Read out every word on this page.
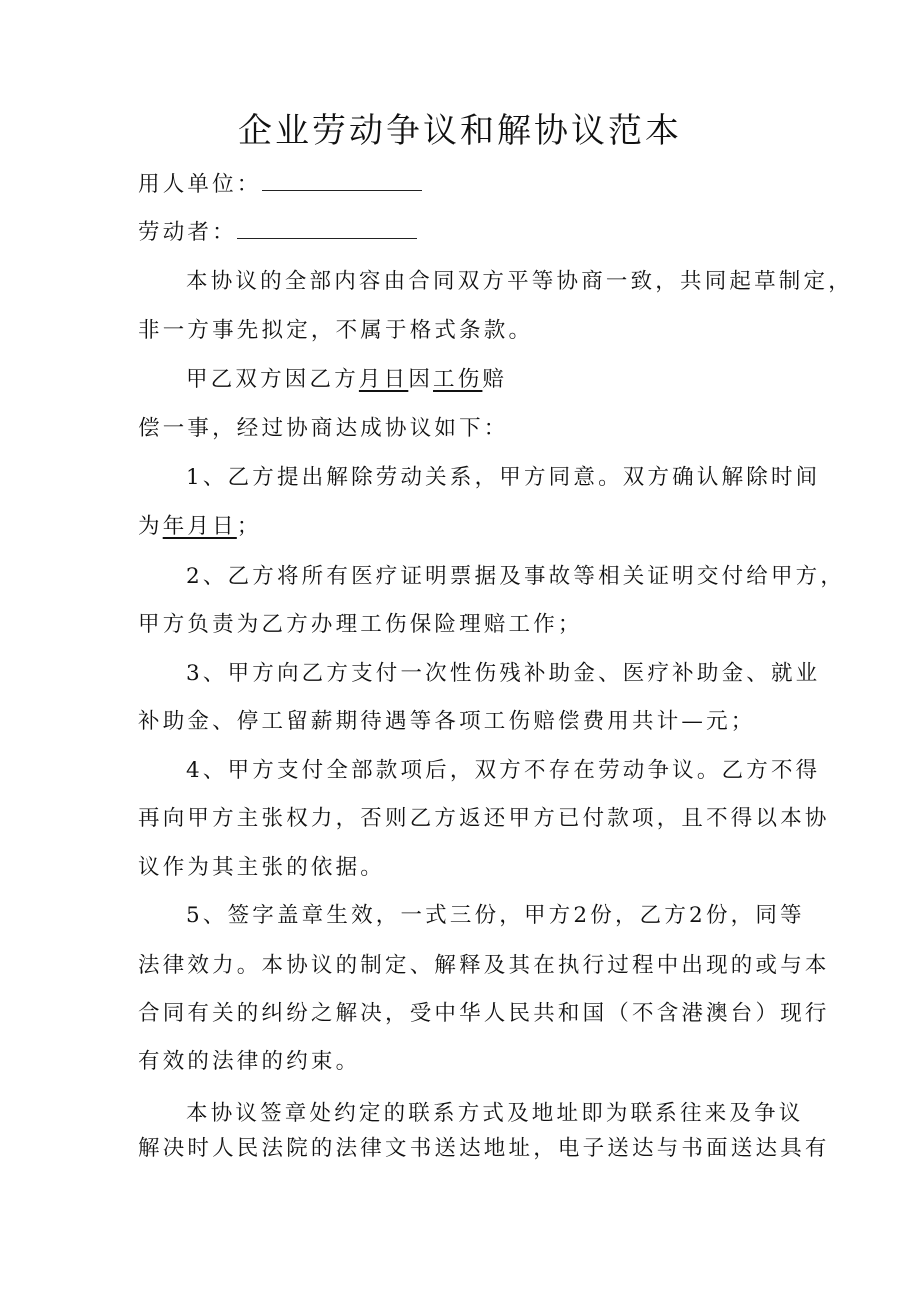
企业劳动争议和解协议范本
用人单位：
劳动者：
本协议的全部内容由合同双方平等协商一致，共同起草制定，
非一方事先拟定，不属于格式条款。
甲乙双方因乙方月日因工伤赔
偿一事，经过协商达成协议如下：
1、乙方提出解除劳动关系，甲方同意。双方确认解除时间
为年月日；
2、乙方将所有医疗证明票据及事故等相关证明交付给甲方，
甲方负责为乙方办理工伤保险理赔工作；
3、甲方向乙方支付一次性伤残补助金、医疗补助金、就业
补助金、停工留薪期待遇等各项工伤赔偿费用共计—元；
4、甲方支付全部款项后，双方不存在劳动争议。乙方不得
再向甲方主张权力，否则乙方返还甲方已付款项，且不得以本协
议作为其主张的依据。
5、签字盖章生效，一式三份，甲方2份，乙方2份，同等
法律效力。本协议的制定、解释及其在执行过程中出现的或与本
合同有关的纠纷之解决，受中华人民共和国（不含港澳台）现行
有效的法律的约束。
本协议签章处约定的联系方式及地址即为联系往来及争议
解决时人民法院的法律文书送达地址，电子送达与书面送达具有
